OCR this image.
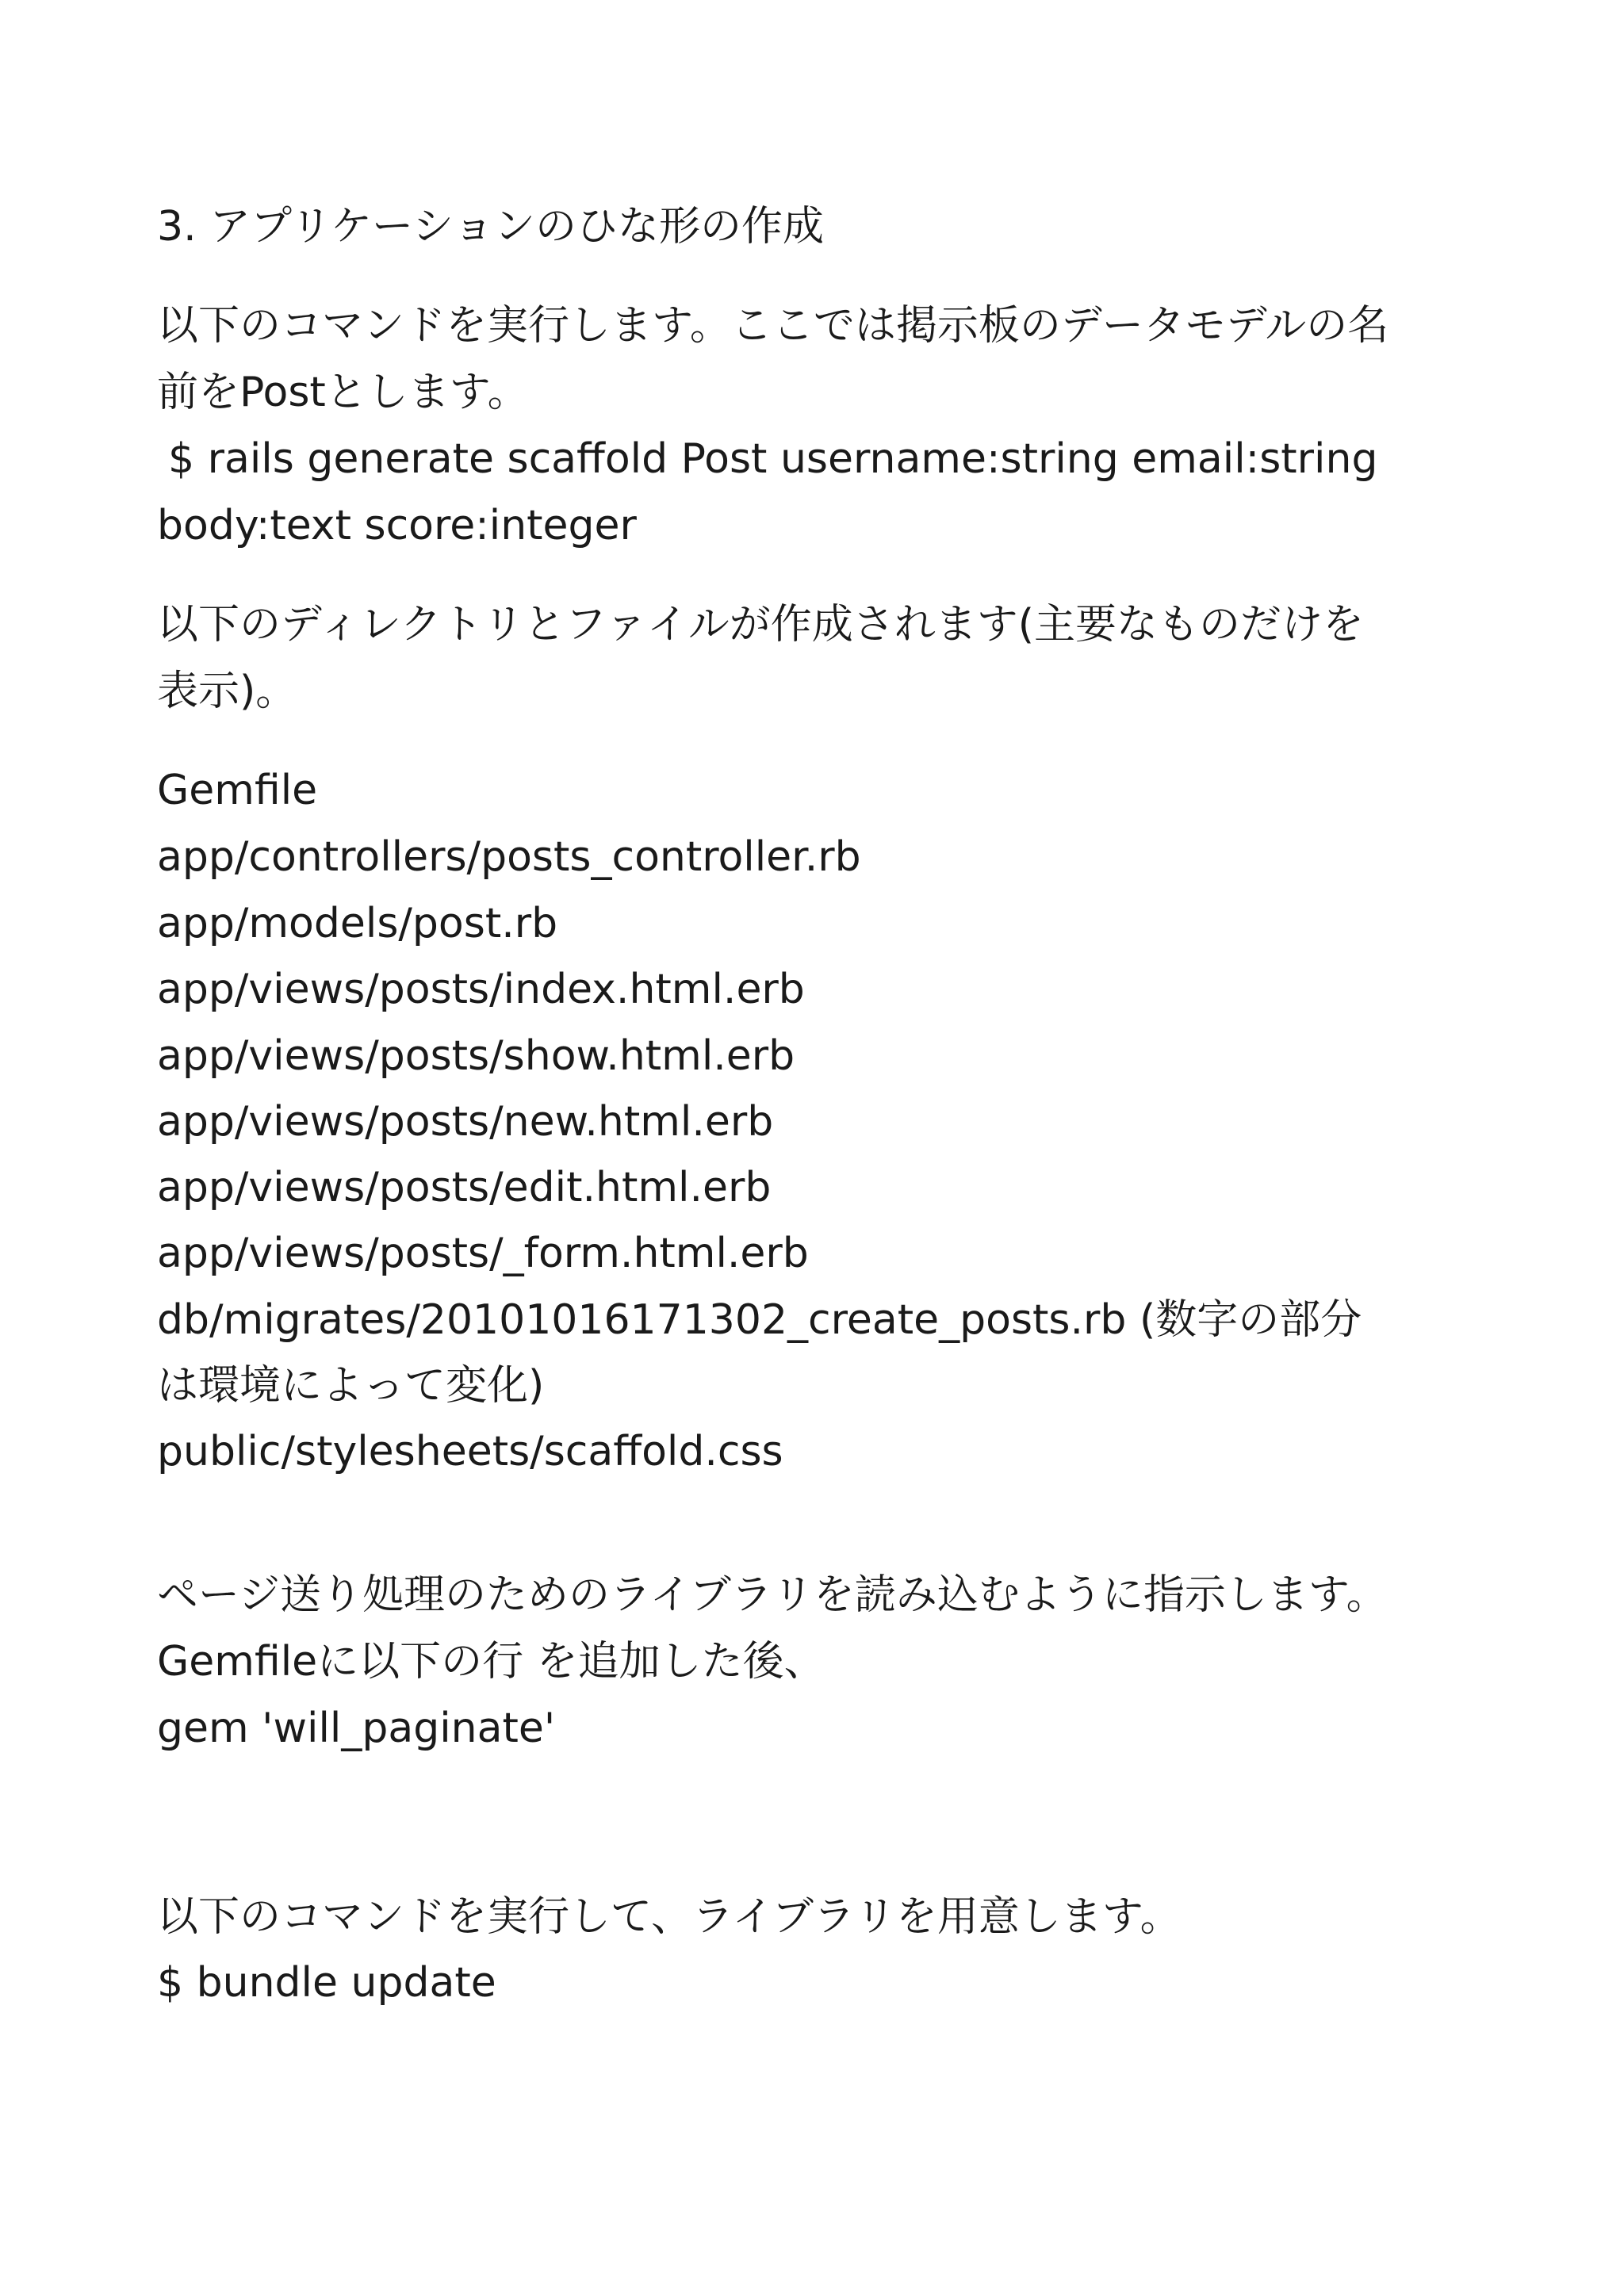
3. アプリケーションのひな形の作成
以下のコマンドを実行します。ここでは掲示板のデータモデルの名
前をPostとします。
$ rails generate scaffold Post username:string email:string
body:text score:integer
以下のディレクトリとファイルが作成されます(主要なものだけを
表示)。
Gemfile
app/controllers/posts_controller.rb
app/models/post.rb
app/views/posts/index.html.erb
app/views/posts/show.html.erb
app/views/posts/new.html.erb
app/views/posts/edit.html.erb
app/views/posts/_form.html.erb
db/migrates/20101016171302_create_posts.rb (数字の部分
は環境によって変化)
public/stylesheets/scaffold.css
ページ送り処理のためのライブラリを読み込むように指示します。
Gemfileに以下の行 を追加した後、
gem 'will_paginate'
以下のコマンドを実行して、ライブラリを用意します。
$ bundle update
